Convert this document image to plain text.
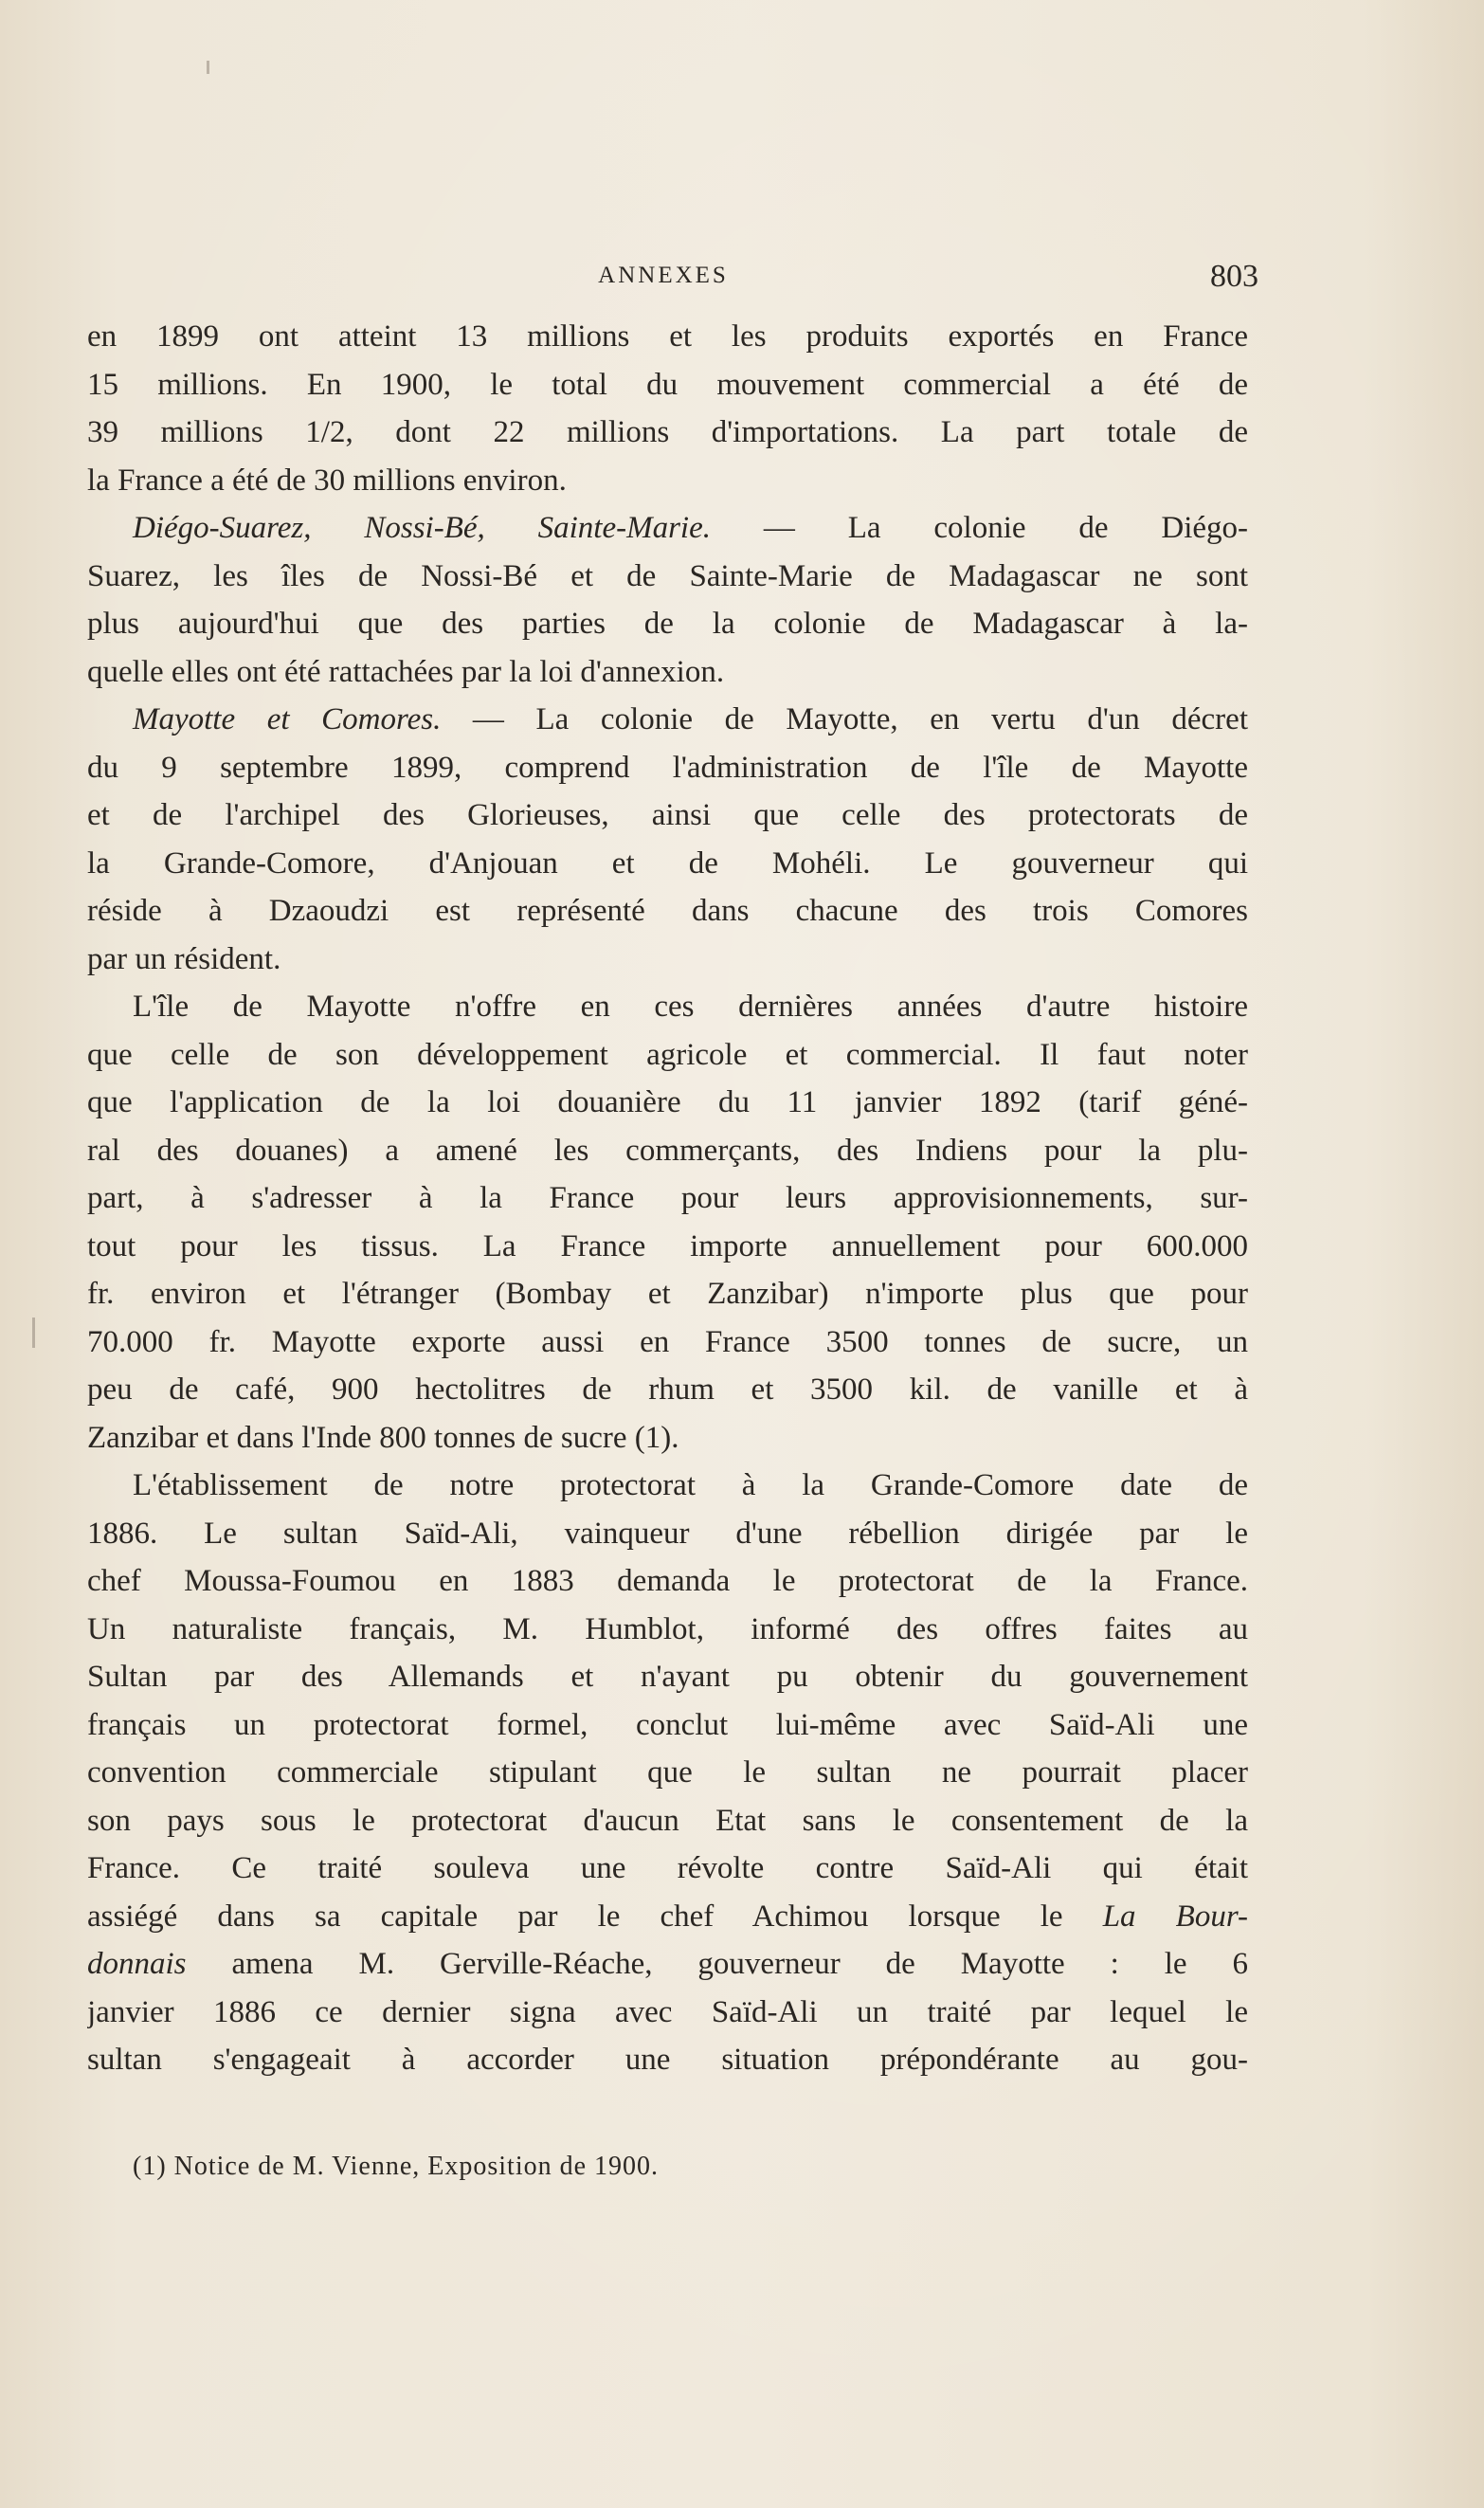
ANNEXES	803
en 1899 ont atteint 13 millions et les produits exportés en France
15 millions. En 1900, le total du mouvement commercial a été de
39 millions 1/2, dont 22 millions d'importations. La part totale de
la France a été de 30 millions environ.
Diégo-Suarez, Nossi-Bé, Sainte-Marie. — La colonie de Diégo-
Suarez, les îles de Nossi-Bé et de Sainte-Marie de Madagascar ne sont
plus aujourd'hui que des parties de la colonie de Madagascar à la-
quelle elles ont été rattachées par la loi d'annexion.
Mayotte et Comores. — La colonie de Mayotte, en vertu d'un décret
du 9 septembre 1899, comprend l'administration de l'île de Mayotte
et de l'archipel des Glorieuses, ainsi que celle des protectorats de
la Grande-Comore, d'Anjouan et de Mohéli. Le gouverneur qui
réside à Dzaoudzi est représenté dans chacune des trois Comores
par un résident.
L'île de Mayotte n'offre en ces dernières années d'autre histoire
que celle de son développement agricole et commercial. Il faut noter
que l'application de la loi douanière du 11 janvier 1892 (tarif géné-
ral des douanes) a amené les commerçants, des Indiens pour la plu-
part, à s'adresser à la France pour leurs approvisionnements, sur-
tout pour les tissus. La France importe annuellement pour 600.000
fr. environ et l'étranger (Bombay et Zanzibar) n'importe plus que pour
70.000 fr. Mayotte exporte aussi en France 3500 tonnes de sucre, un
peu de café, 900 hectolitres de rhum et 3500 kil. de vanille et à
Zanzibar et dans l'Inde 800 tonnes de sucre (1).
L'établissement de notre protectorat à la Grande-Comore date de
1886. Le sultan Saïd-Ali, vainqueur d'une rébellion dirigée par le
chef Moussa-Foumou en 1883 demanda le protectorat de la France.
Un naturaliste français, M. Humblot, informé des offres faites au
Sultan par des Allemands et n'ayant pu obtenir du gouvernement
français un protectorat formel, conclut lui-même avec Saïd-Ali une
convention commerciale stipulant que le sultan ne pourrait placer
son pays sous le protectorat d'aucun Etat sans le consentement de la
France. Ce traité souleva une révolte contre Saïd-Ali qui était
assiégé dans sa capitale par le chef Achimou lorsque le La Bour-
donnais amena M. Gerville-Réache, gouverneur de Mayotte : le 6
janvier 1886 ce dernier signa avec Saïd-Ali un traité par lequel le
sultan s'engageait à accorder une situation prépondérante au gou-
(1) Notice de M. Vienne, Exposition de 1900.
